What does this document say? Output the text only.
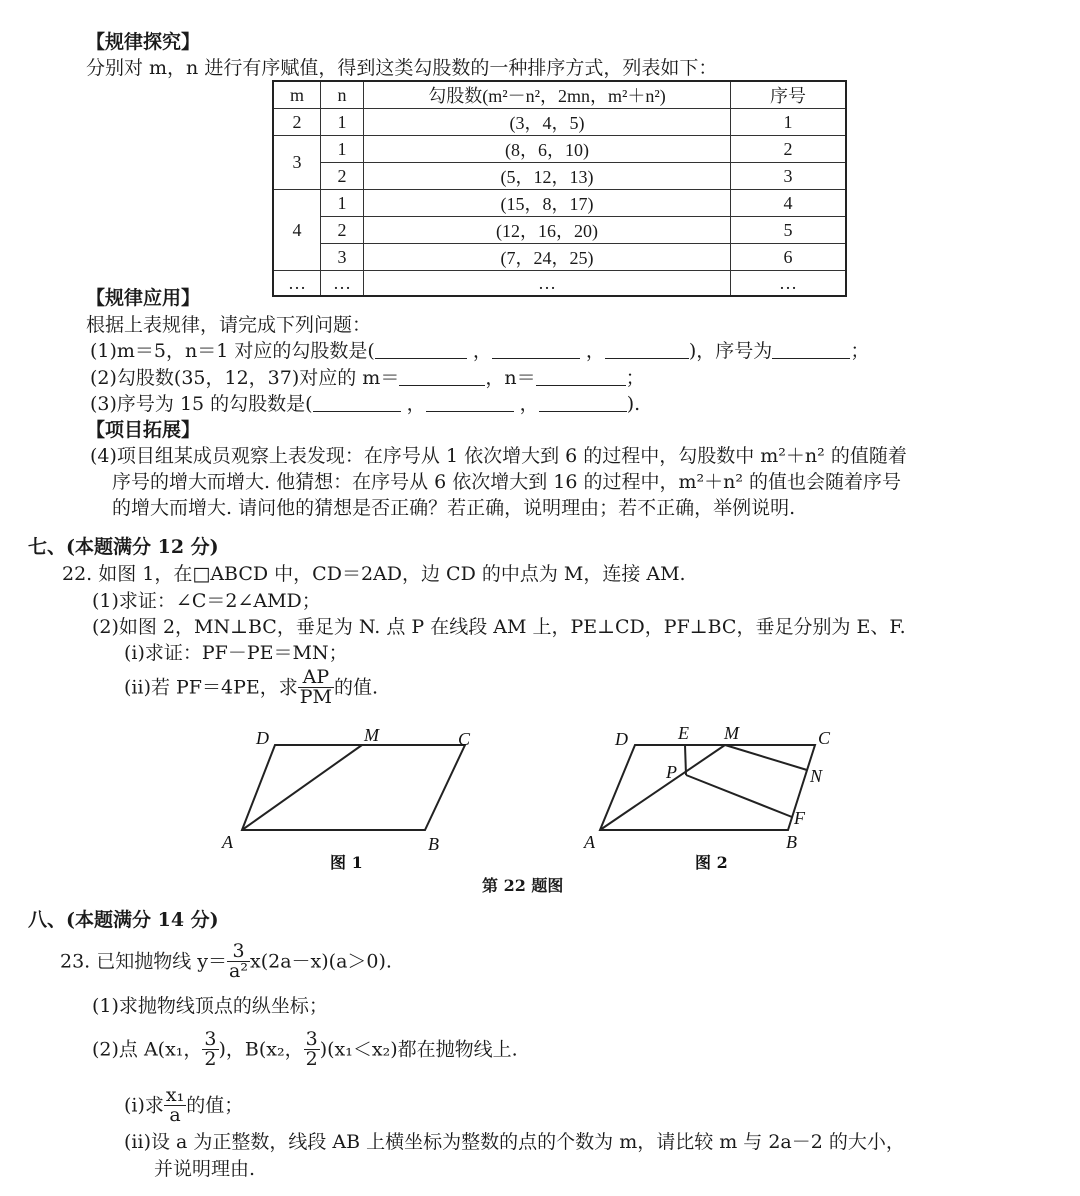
【规律探究】
分别对 m，n 进行有序赋值，得到这类勾股数的一种排序方式，列表如下：
m	n	勾股数(m²－n²，2mn，m²＋n²)	序号
2	1	(3，4，5)	1
3	1	(8，6，10)	2
	2	(5，12，13)	3
4	1	(15，8，17)	4
	2	(12，16，20)	5
	3	(7，24，25)	6
…	…	…	…
【规律应用】
根据上表规律，请完成下列问题：
(1)m＝5，n＝1 对应的勾股数是(	，	，	)，序号为	；
(2)勾股数(35，12，37)对应的 m＝	，n＝	；
(3)序号为 15 的勾股数是(	，	，	).
【项目拓展】
(4)项目组某成员观察上表发现：在序号从 1 依次增大到 6 的过程中，勾股数中 m²＋n² 的值随着
序号的增大而增大. 他猜想：在序号从 6 依次增大到 16 的过程中，m²＋n² 的值也会随着序号
的增大而增大. 请问他的猜想是否正确？若正确，说明理由；若不正确，举例说明.
七、(本题满分 12 分)
22. 如图 1，在□ABCD 中，CD＝2AD，边 CD 的中点为 M，连接 AM.
(1)求证：∠C＝2∠AMD；
(2)如图 2，MN⊥BC，垂足为 N. 点 P 在线段 AM 上，PE⊥CD，PF⊥BC，垂足分别为 E、F.
(ⅰ)求证：PF－PE＝MN；
(ⅱ)若 PF＝4PE，求 $\frac{AP}{PM}$ 的值.
D	M	C
A	B
图 1
D	E M	C
P	N
F
A	B
图 2
第 22 题图
八、(本题满分 14 分)
23. 已知抛物线 $y= \frac{3}{\text{a²}} x(2a-x)(a>0)$.
(1)求抛物线顶点的纵坐标；
(2)点 A(x₁， $\frac{3}{2}$ )，B(x₂， $\frac{3}{2} )(x_1<x_2)$都在抛物线上.
(ⅰ)求 $\frac{\text{x₁}}{a}$ 的值；
(ⅱ)设 a 为正整数，线段 AB 上横坐标为整数的点的个数为 m，请比较 m 与 2a－2 的大小，
并说明理由.
